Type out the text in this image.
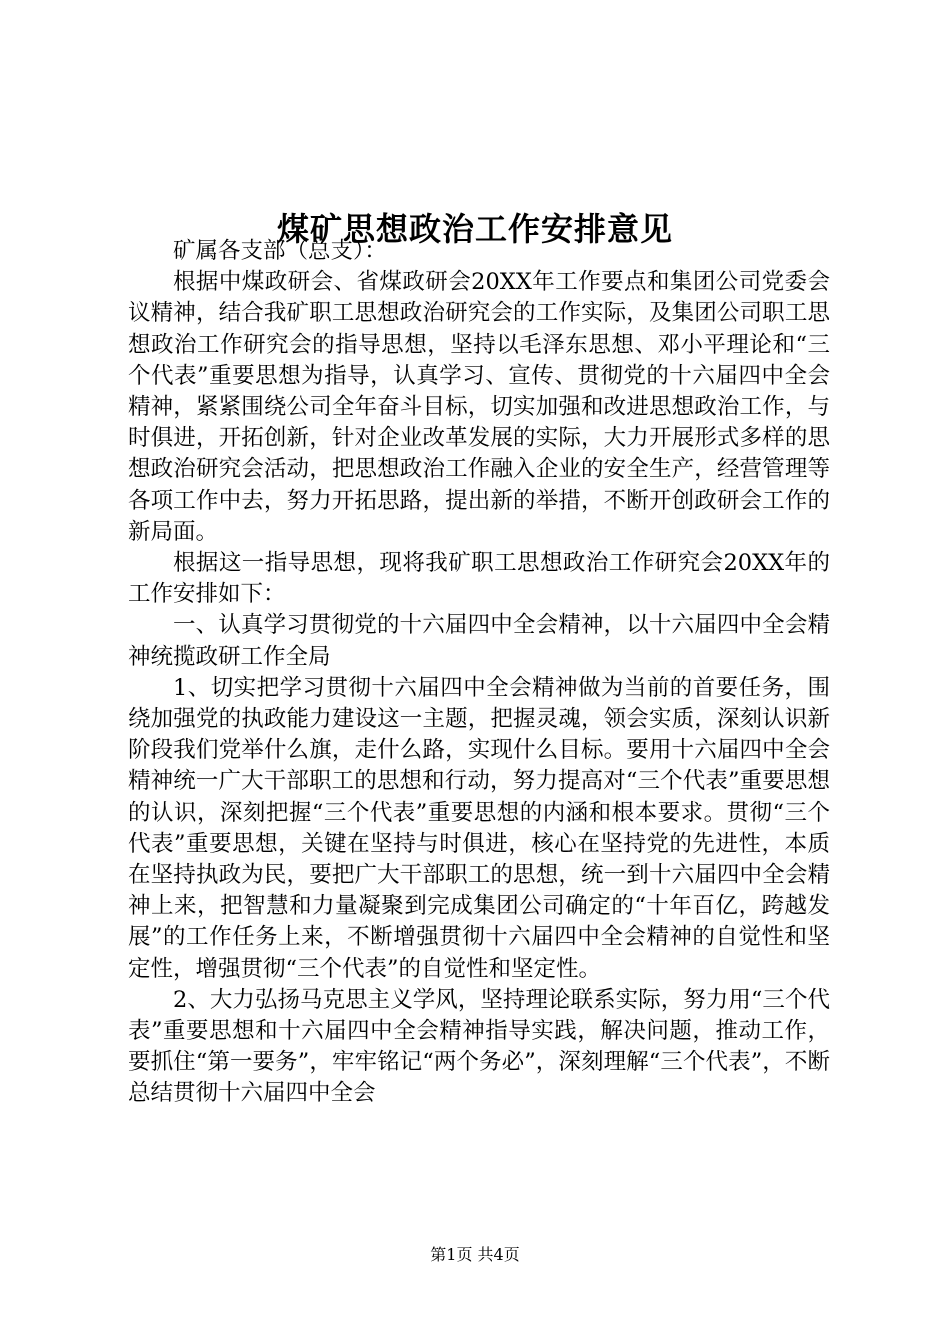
煤矿思想政治工作安排意见

矿属各支部（总支）：

根据中煤政研会、省煤政研会20XX年工作要点和集团公司党委会议精神，结合我矿职工思想政治研究会的工作实际，及集团公司职工思想政治工作研究会的指导思想，坚持以毛泽东思想、邓小平理论和“三个代表”重要思想为指导，认真学习、宣传、贯彻党的十六届四中全会精神，紧紧围绕公司全年奋斗目标，切实加强和改进思想政治工作，与时俱进，开拓创新，针对企业改革发展的实际，大力开展形式多样的思想政治研究会活动，把思想政治工作融入企业的安全生产，经营管理等各项工作中去，努力开拓思路，提出新的举措，不断开创政研会工作的新局面。

根据这一指导思想，现将我矿职工思想政治工作研究会20XX年的工作安排如下：

一、认真学习贯彻党的十六届四中全会精神，以十六届四中全会精神统揽政研工作全局

1、切实把学习贯彻十六届四中全会精神做为当前的首要任务，围绕加强党的执政能力建设这一主题，把握灵魂，领会实质，深刻认识新阶段我们党举什么旗，走什么路，实现什么目标。要用十六届四中全会精神统一广大干部职工的思想和行动，努力提高对“三个代表”重要思想的认识，深刻把握“三个代表”重要思想的内涵和根本要求。贯彻“三个代表”重要思想，关键在坚持与时俱进，核心在坚持党的先进性，本质在坚持执政为民，要把广大干部职工的思想，统一到十六届四中全会精神上来，把智慧和力量凝聚到完成集团公司确定的“十年百亿，跨越发展”的工作任务上来，不断增强贯彻十六届四中全会精神的自觉性和坚定性，增强贯彻“三个代表”的自觉性和坚定性。

2、大力弘扬马克思主义学风，坚持理论联系实际，努力用“三个代表”重要思想和十六届四中全会精神指导实践，解决问题，推动工作，要抓住“第一要务”，牢牢铭记“两个务必”，深刻理解“三个代表”，不断总结贯彻十六届四中全会

第1页 共4页
